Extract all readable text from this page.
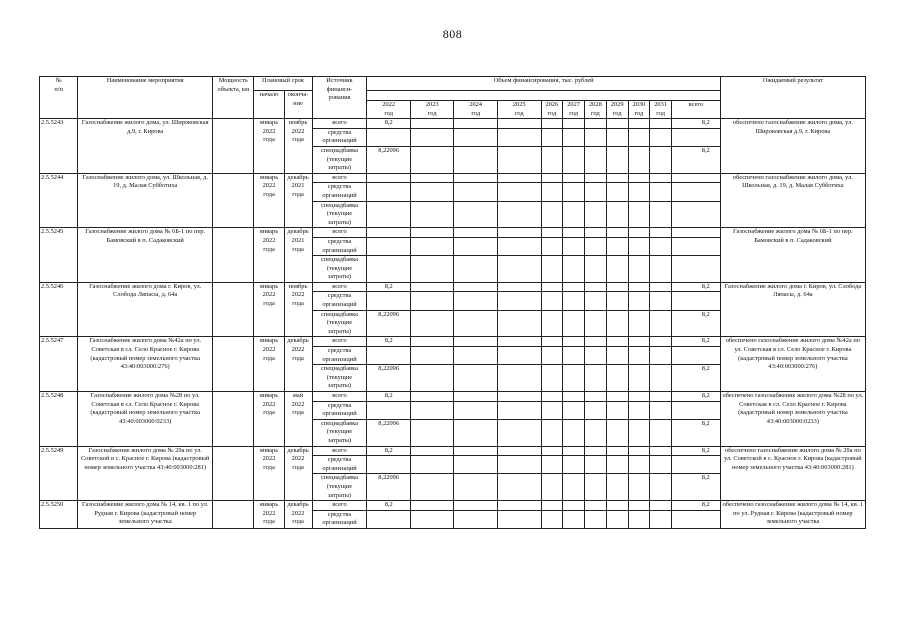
808
№
п/п	Наименование мероприятия	Мощность объекта, км	Плановый срок		Источник финанси-
рования	Объем финансирования, тыс. рублей											Ожидаемый результат
			начало	оконча-
ние													
						2022
год	2023
год	2024
год	2025
год	2026
год	2027
год	2028
год	2029
год	2030
год	2031
год	всего	
2.5.5243	Газоснабжение жилого дома, ул. Широковская д.9, г. Кирова		январь
2022
года	ноябрь
2022
года	всего	8,2										8,2	обеспечено газоснабжение жилого дома, ул. Широковская д.9, г. Кирова
					средства
организаций												
					спецнадбавка
(текущие
затраты)	8,22096										8,2	
2.5.5244	Газоснабжение жилого дома, ул. Школьная, д. 19, д. Малая Субботиха		январь
2022
года	декабрь
2021
года	всего												обеспечено газоснабжение жилого дома, ул. Школьная, д. 19, д. Малая Субботиха
					средства
организаций												
					спецнадбавка
(текущие
затраты)												
2.5.5245	Газоснабжение жилого дома № 6Б-1 по пер. Бамовский в п. Садаковский		январь
2022
года	декабрь
2021
года	всего												Газоснабжение жилого дома № 6Б-1 по пер. Бамовский в п. Садаковский
					средства
организаций												
					спецнадбавка
(текущие
затраты)												
2.5.5246	Газоснабжение жилого дома г. Киров, ул. Слобода Ляпасы, д. 64а		январь
2022
года	ноябрь
2022
года	всего	8,2										8,2	Газоснабжение жилого дома г. Киров, ул. Слобода Ляпасы, д. 64а
					средства
организаций												
					спецнадбавка
(текущие
затраты)	8,22096										8,2	
2.5.5247	Газоснабжение жилого дома №42а по ул. Советская в сл. Село Красное г. Кирова (кадастровый номер земельного участка 43:40:003000:276)		январь
2022
года	декабрь
2022
года	всего	8,2										8,2	обеспечено газоснабжение жилого дома №42а по ул. Советская в сл. Село Красное г. Кирова (кадастровый номер земельного участка 43:40:003000:276)
					средства
организаций												
					спецнадбавка
(текущие
затраты)	8,22096										8,2	
2.5.5248	Газоснабжение жилого дома №28 по ул. Советская в сл. Село Красное г. Кирова (кадастровый номер земельного участка 43:40:003000:0233)		январь
2022
года	май
2022
года	всего	8,2										8,2	обеспечено газоснабжение жилого дома №28 по ул. Советская в сл. Село Красное г. Кирова (кадастровый номер земельного участка 43:40:003000:0233)
					средства
организаций												
					спецнадбавка
(текущие
затраты)	8,22096										8,2	
2.5.5249	Газоснабжение жилого дома № 29а по ул. Советской в с. Красное г. Кирова (кадастровый номер земельного участка 43:40:003000:281)		январь
2022
года	декабрь
2022
года	всего	8,2										8,2	обеспечено газоснабжение жилого дома № 29а по ул. Советской в с. Красное г. Кирова (кадастровый номер земельного участка 43:40:003000:281)
					средства
организаций												
					спецнадбавка
(текущие
затраты)	8,22096										8,2	
2.5.5250	Газоснабжение жилого дома № 14, кв. 1 по ул. Рудная г. Кирова (кадастровый номер земельного участка		январь
2022
года	декабрь
2022
года	всего	8,2										8,2	обеспечено газоснабжение жилого дома № 14, кв. 1 по ул. Рудная г. Кирова (кадастровый номер земельного участка
					средства
организаций												
